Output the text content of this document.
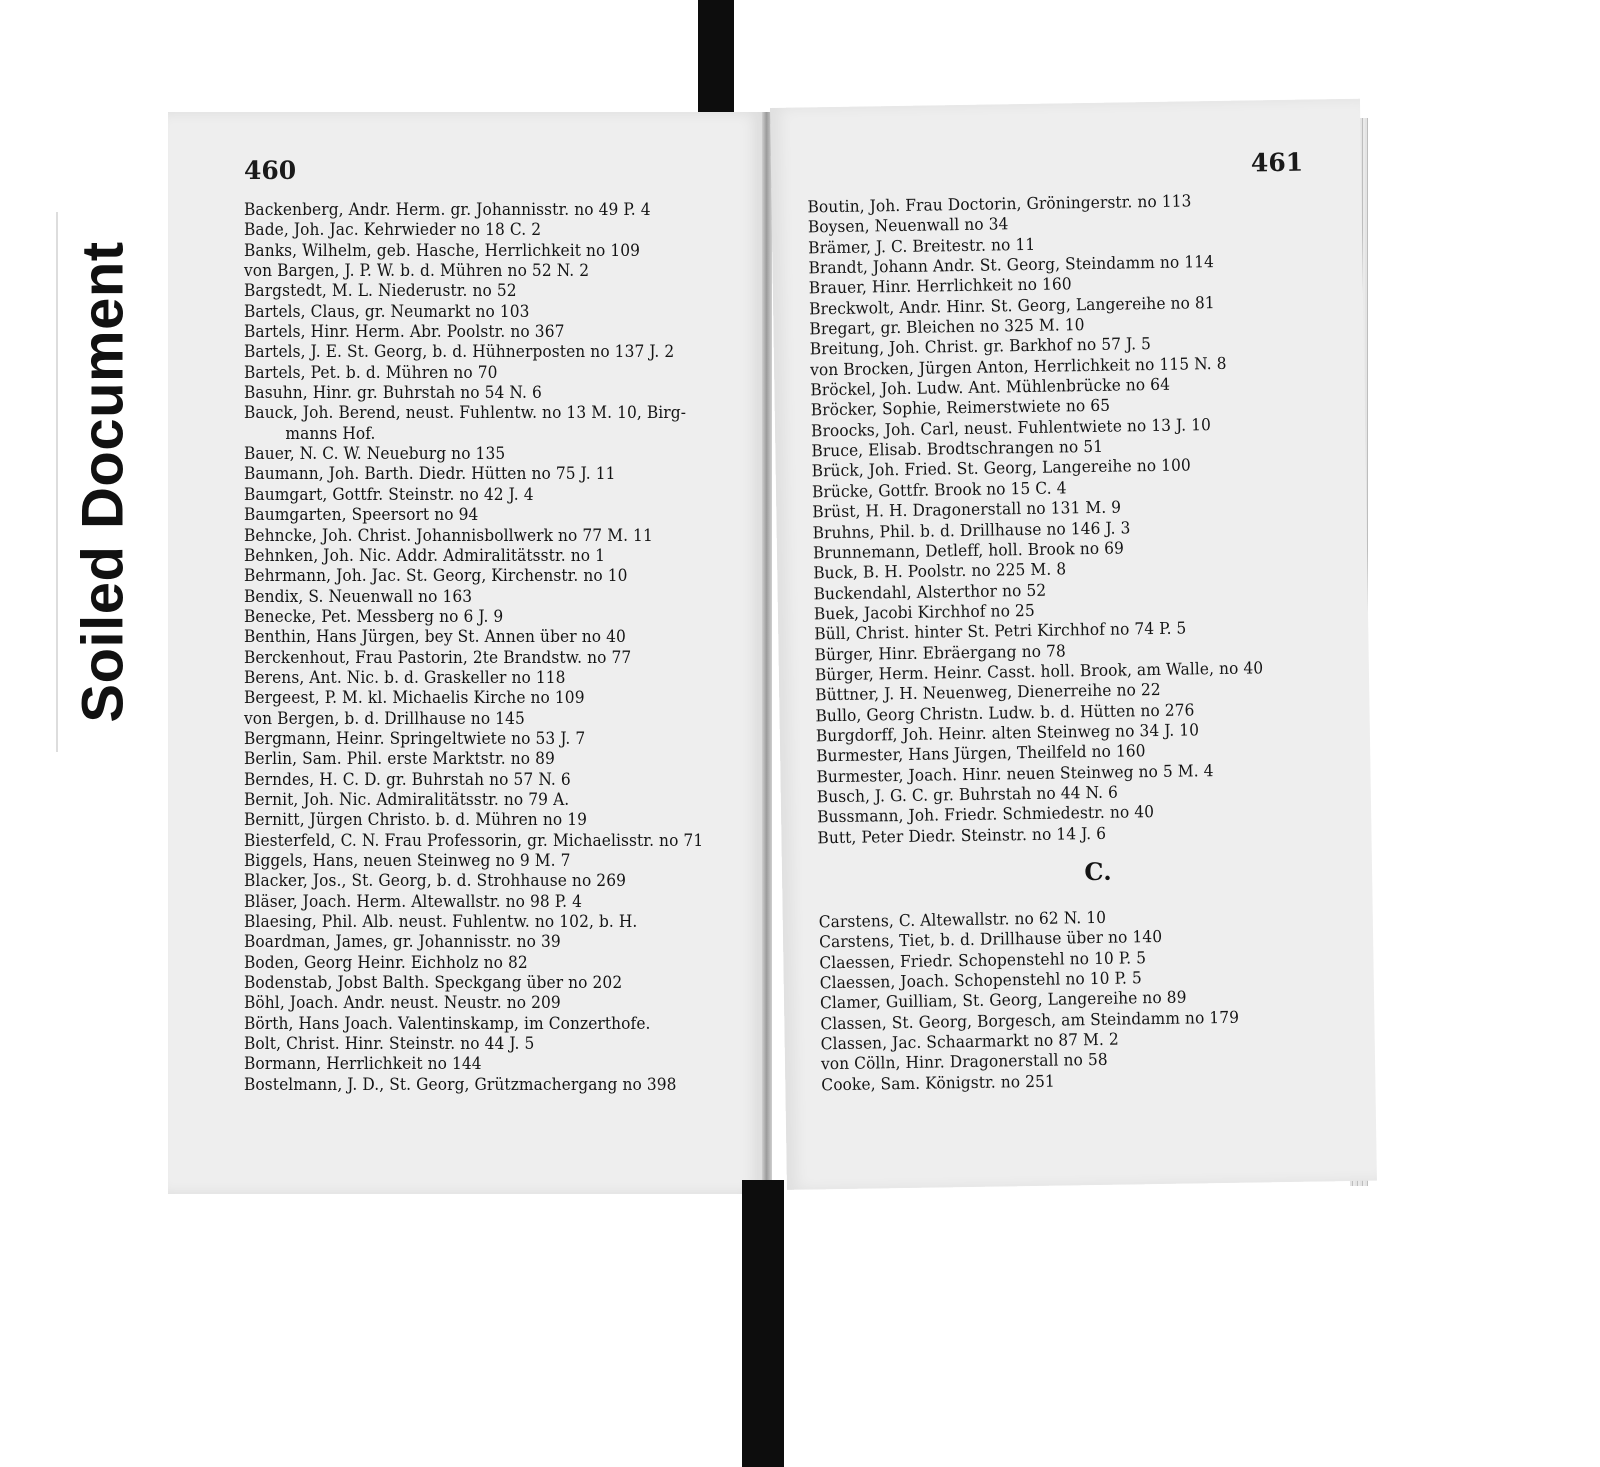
Soiled Document
460
Backenberg, Andr. Herm. gr. Johannisstr. no 49 P. 4
Bade, Joh. Jac. Kehrwieder no 18 C. 2
Banks, Wilhelm, geb. Hasche, Herrlichkeit no 109
von Bargen, J. P. W. b. d. Mühren no 52 N. 2
Bargstedt, M. L. Niederustr. no 52
Bartels, Claus, gr. Neumarkt no 103
Bartels, Hinr. Herm. Abr. Poolstr. no 367
Bartels, J. E. St. Georg, b. d. Hühnerposten no 137 J. 2
Bartels, Pet. b. d. Mühren no 70
Basuhn, Hinr. gr. Buhrstah no 54 N. 6
Bauck, Joh. Berend, neust. Fuhlentw. no 13 M. 10, Birg-
manns Hof.
Bauer, N. C. W. Neueburg no 135
Baumann, Joh. Barth. Diedr. Hütten no 75 J. 11
Baumgart, Gottfr. Steinstr. no 42 J. 4
Baumgarten, Speersort no 94
Behncke, Joh. Christ. Johannisbollwerk no 77 M. 11
Behnken, Joh. Nic. Addr. Admiralitätsstr. no 1
Behrmann, Joh. Jac. St. Georg, Kirchenstr. no 10
Bendix, S. Neuenwall no 163
Benecke, Pet. Messberg no 6 J. 9
Benthin, Hans Jürgen, bey St. Annen über no 40
Berckenhout, Frau Pastorin, 2te Brandstw. no 77
Berens, Ant. Nic. b. d. Graskeller no 118
Bergeest, P. M. kl. Michaelis Kirche no 109
von Bergen, b. d. Drillhause no 145
Bergmann, Heinr. Springeltwiete no 53 J. 7
Berlin, Sam. Phil. erste Marktstr. no 89
Berndes, H. C. D. gr. Buhrstah no 57 N. 6
Bernit, Joh. Nic. Admiralitätsstr. no 79 A.
Bernitt, Jürgen Christo. b. d. Mühren no 19
Biesterfeld, C. N. Frau Professorin, gr. Michaelisstr. no 71
Biggels, Hans, neuen Steinweg no 9 M. 7
Blacker, Jos., St. Georg, b. d. Strohhause no 269
Bläser, Joach. Herm. Altewallstr. no 98 P. 4
Blaesing, Phil. Alb. neust. Fuhlentw. no 102, b. H.
Boardman, James, gr. Johannisstr. no 39
Boden, Georg Heinr. Eichholz no 82
Bodenstab, Jobst Balth. Speckgang über no 202
Böhl, Joach. Andr. neust. Neustr. no 209
Börth, Hans Joach. Valentinskamp, im Conzerthofe.
Bolt, Christ. Hinr. Steinstr. no 44 J. 5
Bormann, Herrlichkeit no 144
Bostelmann, J. D., St. Georg, Grützmachergang no 398
461
Boutin, Joh. Frau Doctorin, Gröningerstr. no 113
Boysen, Neuenwall no 34
Brämer, J. C. Breitestr. no 11
Brandt, Johann Andr. St. Georg, Steindamm no 114
Brauer, Hinr. Herrlichkeit no 160
Breckwolt, Andr. Hinr. St. Georg, Langereihe no 81
Bregart, gr. Bleichen no 325 M. 10
Breitung, Joh. Christ. gr. Barkhof no 57 J. 5
von Brocken, Jürgen Anton, Herrlichkeit no 115 N. 8
Bröckel, Joh. Ludw. Ant. Mühlenbrücke no 64
Bröcker, Sophie, Reimerstwiete no 65
Broocks, Joh. Carl, neust. Fuhlentwiete no 13 J. 10
Bruce, Elisab. Brodtschrangen no 51
Brück, Joh. Fried. St. Georg, Langereihe no 100
Brücke, Gottfr. Brook no 15 C. 4
Brüst, H. H. Dragonerstall no 131 M. 9
Bruhns, Phil. b. d. Drillhause no 146 J. 3
Brunnemann, Detleff, holl. Brook no 69
Buck, B. H. Poolstr. no 225 M. 8
Buckendahl, Alsterthor no 52
Buek, Jacobi Kirchhof no 25
Büll, Christ. hinter St. Petri Kirchhof no 74 P. 5
Bürger, Hinr. Ebräergang no 78
Bürger, Herm. Heinr. Casst. holl. Brook, am Walle, no 40
Büttner, J. H. Neuenweg, Dienerreihe no 22
Bullo, Georg Christn. Ludw. b. d. Hütten no 276
Burgdorff, Joh. Heinr. alten Steinweg no 34 J. 10
Burmester, Hans Jürgen, Theilfeld no 160
Burmester, Joach. Hinr. neuen Steinweg no 5 M. 4
Busch, J. G. C. gr. Buhrstah no 44 N. 6
Bussmann, Joh. Friedr. Schmiedestr. no 40
Butt, Peter Diedr. Steinstr. no 14 J. 6
C.
Carstens, C. Altewallstr. no 62 N. 10
Carstens, Tiet, b. d. Drillhause über no 140
Claessen, Friedr. Schopenstehl no 10 P. 5
Claessen, Joach. Schopenstehl no 10 P. 5
Clamer, Guilliam, St. Georg, Langereihe no 89
Classen, St. Georg, Borgesch, am Steindamm no 179
Classen, Jac. Schaarmarkt no 87 M. 2
von Cölln, Hinr. Dragonerstall no 58
Cooke, Sam. Königstr. no 251
